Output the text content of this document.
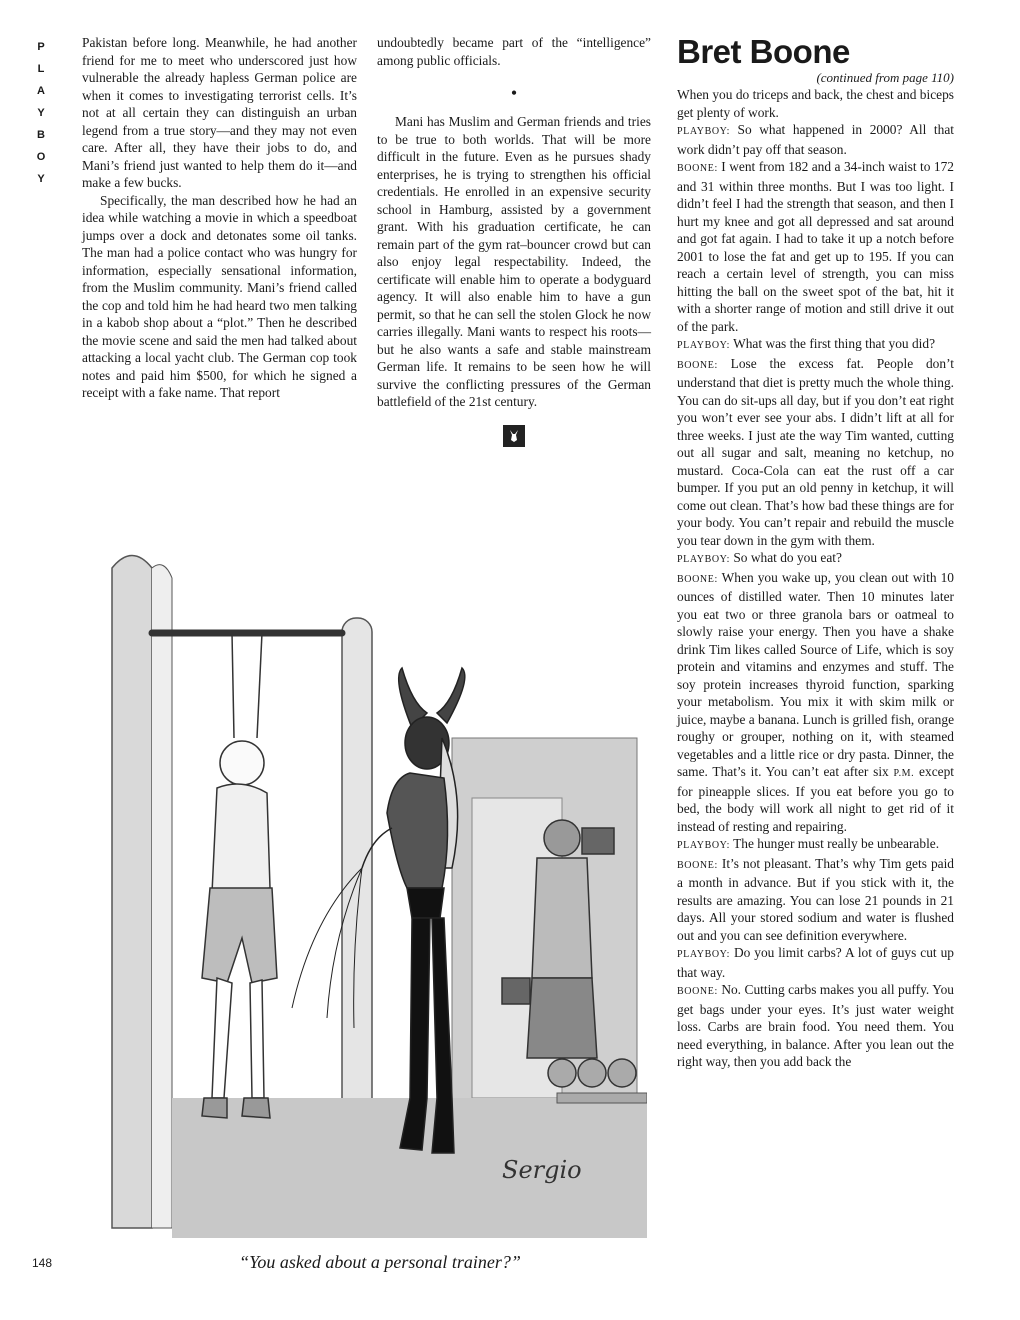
P
L
A
Y
B
O
Y

Pakistan before long. Meanwhile, he had another friend for me to meet who underscored just how vulnerable the already hapless German police are when it comes to investigating terrorist cells. It’s not at all certain they can distinguish an urban legend from a true story—and they may not even care. After all, they have their jobs to do, and Mani’s friend just wanted to help them do it—and make a few bucks.

Specifically, the man described how he had an idea while watching a movie in which a speedboat jumps over a dock and detonates some oil tanks. The man had a police contact who was hungry for information, especially sensational information, from the Muslim community. Mani’s friend called the cop and told him he had heard two men talking in a kabob shop about a “plot.” Then he described the movie scene and said the men had talked about attacking a local yacht club. The German cop took notes and paid him $500, for which he signed a receipt with a fake name. That report

undoubtedly became part of the “intelligence” among public officials.

•

Mani has Muslim and German friends and tries to be true to both worlds. That will be more difficult in the future. Even as he pursues shady enterprises, he is trying to strengthen his official credentials. He enrolled in an expensive security school in Hamburg, assisted by a government grant. With his graduation certificate, he can remain part of the gym rat–bouncer crowd but can also enjoy legal respectability. Indeed, the certificate will enable him to operate a bodyguard agency. It will also enable him to have a gun permit, so that he can sell the stolen Glock he now carries illegally. Mani wants to respect his roots—but he also wants a safe and stable mainstream German life. It remains to be seen how he will survive the conflicting pressures of the German battlefield of the 21st century.

Bret Boone
(continued from page 110)

When you do triceps and back, the chest and biceps get plenty of work.

PLAYBOY: So what happened in 2000? All that work didn’t pay off that season.

BOONE: I went from 182 and a 34-inch waist to 172 and 31 within three months. But I was too light. I didn’t feel I had the strength that season, and then I hurt my knee and got all depressed and sat around and got fat again. I had to take it up a notch before 2001 to lose the fat and get up to 195. If you can reach a certain level of strength, you can miss hitting the ball on the sweet spot of the bat, hit it with a shorter range of motion and still drive it out of the park.

PLAYBOY: What was the first thing that you did?

BOONE: Lose the excess fat. People don’t understand that diet is pretty much the whole thing. You can do sit-ups all day, but if you don’t eat right you won’t ever see your abs. I didn’t lift at all for three weeks. I just ate the way Tim wanted, cutting out all sugar and salt, meaning no ketchup, no mustard. Coca-Cola can eat the rust off a car bumper. If you put an old penny in ketchup, it will come out clean. That’s how bad these things are for your body. You can’t repair and rebuild the muscle you tear down in the gym with them.

PLAYBOY: So what do you eat?

BOONE: When you wake up, you clean out with 10 ounces of distilled water. Then 10 minutes later you eat two or three granola bars or oatmeal to slowly raise your energy. Then you have a shake drink Tim likes called Source of Life, which is soy protein and vitamins and enzymes and stuff. The soy protein increases thyroid function, sparking your metabolism. You mix it with skim milk or juice, maybe a banana. Lunch is grilled fish, orange roughy or grouper, nothing on it, with steamed vegetables and a little rice or dry pasta. Dinner, the same. That’s it. You can’t eat after six P.M. except for pineapple slices. If you eat before you go to bed, the body will work all night to get rid of it instead of resting and repairing.

PLAYBOY: The hunger must really be unbearable.

BOONE: It’s not pleasant. That’s why Tim gets paid a month in advance. But if you stick with it, the results are amazing. You can lose 21 pounds in 21 days. All your stored sodium and water is flushed out and you can see definition everywhere.

PLAYBOY: Do you limit carbs? A lot of guys cut up that way.

BOONE: No. Cutting carbs makes you all puffy. You get bags under your eyes. It’s just water weight loss. Carbs are brain food. You need them. You need everything, in balance. After you lean out the right way, then you add back the

Sergio
“You asked about a personal trainer?”
148
